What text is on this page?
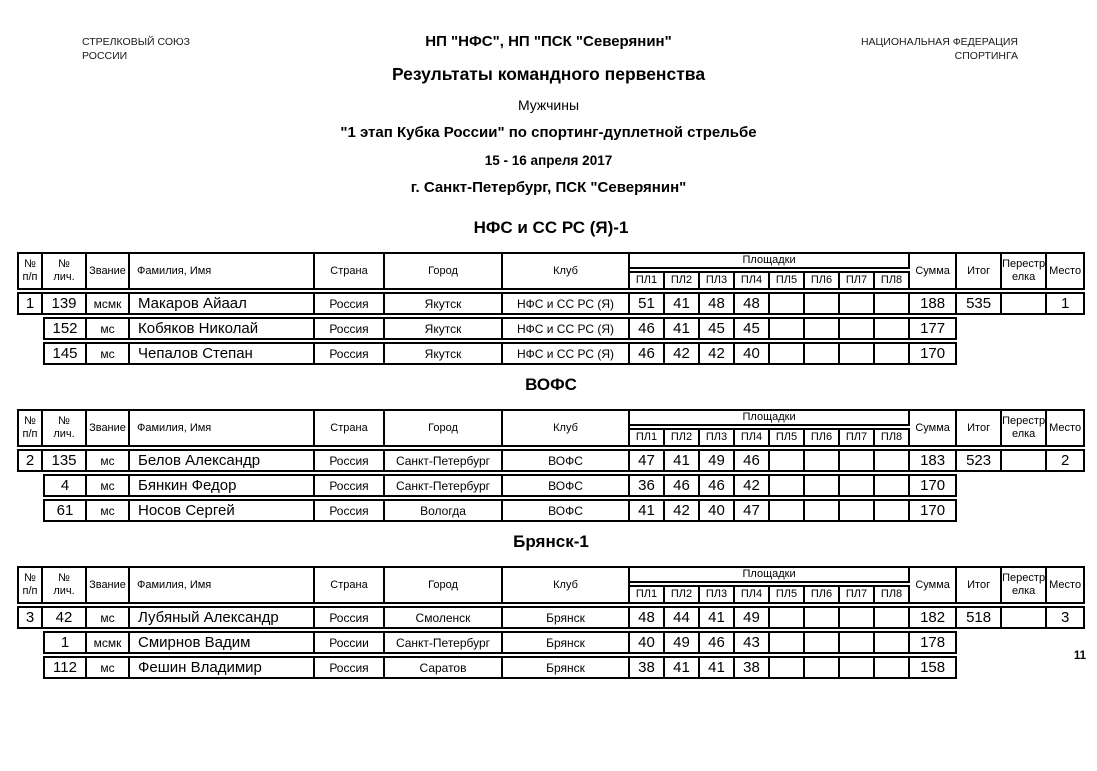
СТРЕЛКОВЫЙ СОЮЗ
РОССИИ
НАЦИОНАЛЬНАЯ ФЕДЕРАЦИЯ
СПОРТИНГА
НП "НФС", НП "ПСК "Северянин"
Результаты командного первенства
Мужчины
"1 этап Кубка России" по спортинг-дуплетной стрельбе
15 - 16 апреля 2017
г. Санкт-Петербург, ПСК "Северянин"
НФС и СС РС (Я)-1
№
п/п	№
лич.	Звание	Фамилия, Имя	Страна	Город	Клуб	Площадки								Сумма	Итог	Перестр
елка	Место
							ПЛ1	ПЛ2	ПЛ3	ПЛ4	ПЛ5	ПЛ6	ПЛ7	ПЛ8				
1	139	мсмк	Макаров Айаал	Россия	Якутск	НФС и СС РС (Я)	51	41	48	48					188	535		1
	152	мс	Кобяков Николай	Россия	Якутск	НФС и СС РС (Я)	46	41	45	45					177			
	145	мс	Чепалов Степан	Россия	Якутск	НФС и СС РС (Я)	46	42	42	40					170			
ВОФС
№
п/п	№
лич.	Звание	Фамилия, Имя	Страна	Город	Клуб	Площадки								Сумма	Итог	Перестр
елка	Место
							ПЛ1	ПЛ2	ПЛ3	ПЛ4	ПЛ5	ПЛ6	ПЛ7	ПЛ8				
2	135	мс	Белов Александр	Россия	Санкт-Петербург	ВОФС	47	41	49	46					183	523		2
	4	мс	Бянкин Федор	Россия	Санкт-Петербург	ВОФС	36	46	46	42					170			
	61	мс	Носов Сергей	Россия	Вологда	ВОФС	41	42	40	47					170			
Брянск-1
№
п/п	№
лич.	Звание	Фамилия, Имя	Страна	Город	Клуб	Площадки								Сумма	Итог	Перестр
елка	Место
							ПЛ1	ПЛ2	ПЛ3	ПЛ4	ПЛ5	ПЛ6	ПЛ7	ПЛ8				
3	42	мс	Лубяный Александр	Россия	Смоленск	Брянск	48	44	41	49					182	518		3
	1	мсмк	Смирнов Вадим	России	Санкт-Петербург	Брянск	40	49	46	43					178			
	112	мс	Фешин Владимир	Россия	Саратов	Брянск	38	41	41	38					158			
11
